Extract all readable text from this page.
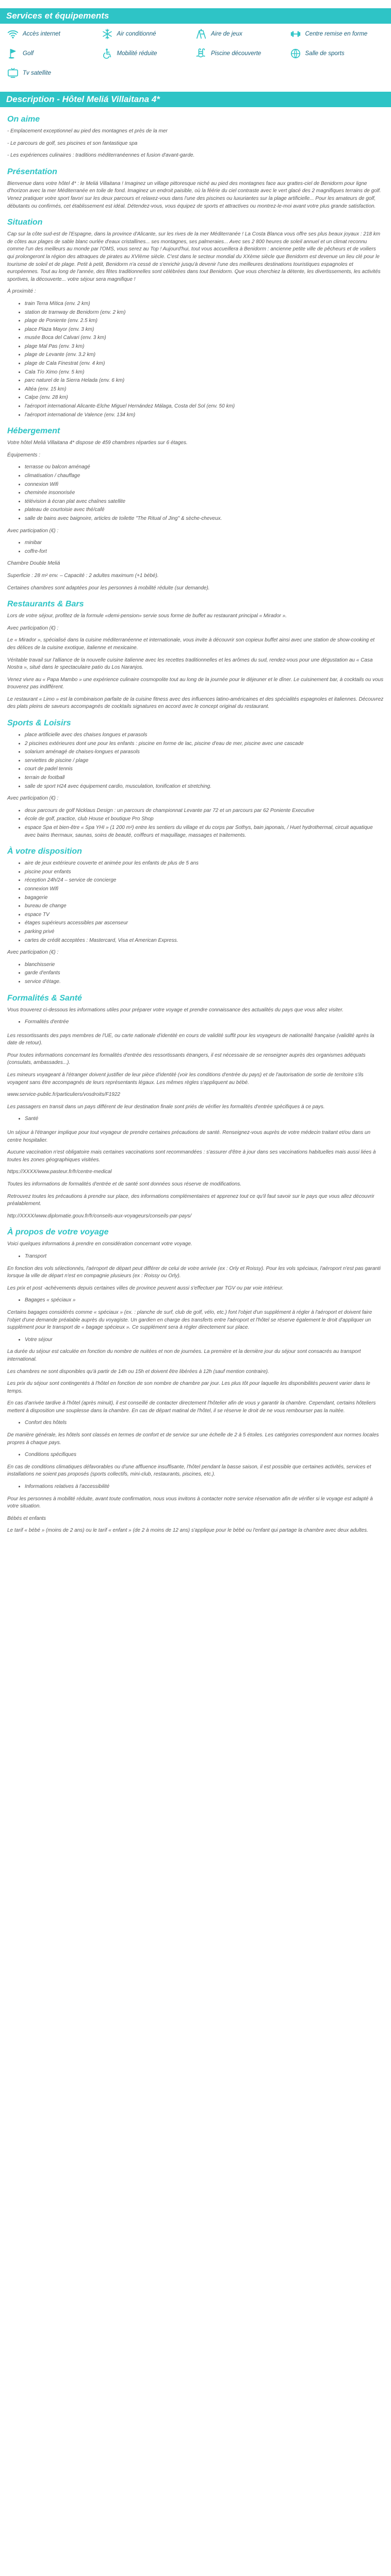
Services et équipements
Accès internet	Air conditionné	Aire de jeux	Centre remise en forme
Golf	Mobilité réduite	Piscine découverte	Salle de sports
Tv satellite
Description - Hôtel Meliá Villaitana 4*
On aime

- Emplacement exceptionnel au pied des montagnes et près de la mer

- Le parcours de golf, ses piscines et son fantastique spa

- Les expériences culinaires : traditions méditerranéennes et fusion d'avant-garde.

Présentation

Bienvenue dans votre hôtel 4* : le Meliá Villaitana ! Imaginez un village pittoresque niché au pied des montagnes face aux grattes-ciel de Benidorm pour ligne d'horizon avec la mer Méditerranée en toile de fond. Imaginez un endroit paisible, où la féérie du ciel contraste avec le vert glacé des 2 magnifiques terrains de golf. Venez pratiquer votre sport favori sur les deux parcours et relaxez-vous dans l'une des piscines ou luxuriantes sur la plage artificielle... Pour les amateurs de golf, débutants ou confirmés, cet établissement est idéal. Détendez-vous, vous équipez de sports et attractives ou montrez-le-moi avant votre plus grande satisfaction.

Situation

Cap sur la côte sud-est de l'Espagne, dans la province d'Alicante, sur les rives de la mer Méditerranée ! La Costa Blanca vous offre ses plus beaux joyaux : 218 km de côtes aux plages de sable blanc ourlée d'eaux cristallines... ses montagnes, ses palmeraies... Avec ses 2 800 heures de soleil annuel et un climat reconnu comme l'un des meilleurs au monde par l'OMS, vous serez au Top ! Aujourd'hui, tout vous accueillera à Benidorm : ancienne petite ville de pêcheurs et de voiliers qui prolongeront la région des attraques de pirates au XVIème siècle. C'est dans le secteur mondial du XXème siècle que Benidorm est devenue un lieu clé pour le tourisme de soleil et de plage. Petit à petit, Benidorm n'a cessé de s'enrichir jusqu'à devenir l'une des meilleures destinations touristiques espagnoles et européennes. Tout au long de l'année, des fêtes traditionnelles sont célébrées dans tout Benidorm. Que vous cherchiez la détente, les divertissements, les activités sportives, la découverte... votre séjour sera magnifique !

À proximité :

• train Terra Mítica (env. 2 km)
• station de tramway de Benidorm (env. 2 km)
• plage de Poniente (env. 2.5 km)
• place Plaza Mayor (env. 3 km)
• musée Boca del Calvari (env. 3 km)
• plage Mal Pas (env. 3 km)
• plage de Levante (env. 3.2 km)
• plage de Cala Finestrat (env. 4 km)
• Cala Tío Ximo (env. 5 km)
• parc naturel de la Sierra Helada (env. 6 km)
• Altéa (env. 15 km)
• Calpe (env. 28 km)
• l'aéroport international Alicante-Elche Miguel Hernández Málaga, Costa del Sol (env. 50 km)
• l'aéroport international de Valence (env. 134 km)
Hébergement

Votre hôtel Meliá Villaitana 4* dispose de 459 chambres réparties sur 6 étages.

Équipements :

• terrasse ou balcon aménagé
• climatisation / chauffage
• connexion Wifi
• cheminée insonorisée
• télévision à écran plat avec chaînes satellite
• plateau de courtoisie avec thé/café
• salle de bains avec baignoire, articles de toilette "The Ritual of Jing" & sèche-cheveux.

Avec participation (€) :

• minibar
• coffre-fort

Chambre Double Meliá

Superficie : 28 m² env. – Capacité : 2 adultes maximum (+1 bébé).

Certaines chambres sont adaptées pour les personnes à mobilité réduite (sur demande).

Restaurants & Bars

Lors de votre séjour, profitez de la formule «demi-pension» servie sous forme de buffet au restaurant principal « Mirador ».

Avec participation (€) :

Le « Mirador », spécialisé dans la cuisine méditerranéenne et internationale, vous invite à découvrir son copieux buffet ainsi avec une station de show-cooking et des délices de la cuisine exotique, italienne et mexicaine.

Véritable travail sur l'alliance de la nouvelle cuisine italienne avec les recettes traditionnelles et les arômes du sud, rendez-vous pour une dégustation au « Casa Nostra », situé dans le spectaculaire patio du Los Naranjos.

Venez vivre au « Papa Mambo » une expérience culinaire cosmopolite tout au long de la journée pour le déjeuner et le dîner. Le cuisinement bar, à cocktails ou vous trouverez pas indifférent.

Le restaurant « Limo » est la combinaison parfaite de la cuisine fitness avec des influences latino-américaines et des spécialités espagnoles et italiennes. Découvrez des plats pleins de saveurs accompagnés de cocktails signatures en accord avec le concept original du restaurant.

Sports & Loisirs
• place artificielle avec des chaises longues et parasols
• 2 piscines extérieures dont une pour les enfants : piscine en forme de lac, piscine d'eau de mer, piscine avec une cascade
• solarium aménagé de chaises-longues et parasols
• serviettes de piscine / plage
• court de padel tennis
• terrain de football
• salle de sport H24 avec équipement cardio, musculation, tonification et stretching.

Avec participation (€) :

• deux parcours de golf Nicklaus Design : un parcours de championnat Levante par 72 et un parcours par 62 Poniente Executive
• école de golf, practice, club House et boutique Pro Shop
• espace Spa et bien-être « Spa YHI » (1 200 m²) entre les sentiers du village et du corps par Sothys, bain japonais, / Huet hydrothermal, circuit aquatique avec bains thermaux, saunas, soins de beauté, coiffeurs et maquillage, massages et traitements.
À votre disposition
• aire de jeux extérieure couverte et animée pour les enfants de plus de 5 ans
• piscine pour enfants
• réception 24h/24 – service de concierge
• connexion Wifi
• bagagerie
• bureau de change
• espace TV
• étages supérieurs accessibles par ascenseur
• parking privé
• cartes de crédit acceptées : Mastercard, Visa et American Express.

Avec participation (€) :

• blanchisserie
• garde d'enfants
• service d'étage.
Formalités & Santé

Vous trouverez ci-dessous les informations utiles pour préparer votre voyage et prendre connaissance des actualités du pays que vous allez visiter.

• Formalités d'entrée

Les ressortissants des pays membres de l'UE, ou carte nationale d'identité en cours de validité suffit pour les voyageurs de nationalité française (validité après la date de retour).

Pour toutes informations concernant les formalités d'entrée des ressortissants étrangers, il est nécessaire de se renseigner auprès des organismes adéquats (consulats, ambassades...).

Les mineurs voyageant à l'étranger doivent justifier de leur pièce d'identité (voir les conditions d'entrée du pays) et de l'autorisation de sortie de territoire s'ils voyagent sans être accompagnés de leurs représentants légaux. Les mêmes règles s'appliquent au bébé.

www.service-public.fr/particuliers/vosdroits/F1922

Les passagers en transit dans un pays différent de leur destination finale sont priés de vérifier les formalités d'entrée spécifiques à ce pays.

• Santé

Un séjour à l'étranger implique pour tout voyageur de prendre certaines précautions de santé. Renseignez-vous auprès de votre médecin traitant et/ou dans un centre hospitalier.

Aucune vaccination n'est obligatoire mais certaines vaccinations sont recommandées : s'assurer d'être à jour dans ses vaccinations habituelles mais aussi liées à toutes les zones géographiques visitées.

https://XXXX/www.pasteur.fr/fr/centre-medical

Toutes les informations de formalités d'entrée et de santé sont données sous réserve de modifications.

Retrouvez toutes les précautions à prendre sur place, des informations complémentaires et apprenez tout ce qu'il faut savoir sur le pays que vous allez découvrir préalablement.

http://XXXX/www.diplomatie.gouv.fr/fr/conseils-aux-voyageurs/conseils-par-pays/

À propos de votre voyage

Voici quelques informations à prendre en considération concernant votre voyage.

• Transport

En fonction des vols sélectionnés, l'aéroport de départ peut différer de celui de votre arrivée (ex : Orly et Roissy). Pour les vols spéciaux, l'aéroport n'est pas garanti lorsque la ville de départ n'est en compagnie plusieurs (ex : Roissy ou Orly).

Les prix et post -achèvements depuis certaines villes de province peuvent aussi s'effectuer par TGV ou par voie intérieur.

• Bagages « spéciaux »

Certains bagages considérés comme « spéciaux » (ex. : planche de surf, club de golf, vélo, etc.) font l'objet d'un supplément à régler à l'aéroport et doivent faire l'objet d'une demande préalable auprès du voyagiste. Un gardien en charge des transferts entre l'aéroport et l'hôtel se réserve également le droit d'appliquer un supplément pour le transport de « bagage spécieux ». Ce supplément sera à régler directement sur place.

• Votre séjour

La durée du séjour est calculée en fonction du nombre de nuitées et non de journées. La première et la dernière jour du séjour sont consacrés au transport international.

Les chambres ne sont disponibles qu'à partir de 14h ou 15h et doivent être libérées à 12h (sauf mention contraire).

Les prix du séjour sont contingentés à l'hôtel en fonction de son nombre de chambre par jour. Les plus tôt pour laquelle les disponibilités peuvent varier dans le temps.

En cas d'arrivée tardive à l'hôtel (après minuit), il est conseillé de contacter directement l'hôtelier afin de vous y garantir la chambre. Cependant, certains hôteliers mettent à disposition une souplesse dans la chambre. En cas de départ matinal de l'hôtel, il se réserve le droit de ne vous rembourser pas la nuitée.

• Confort des hôtels

De manière générale, les hôtels sont classés en termes de confort et de service sur une échelle de 2 à 5 étoiles. Les catégories correspondent aux normes locales propres à chaque pays.

• Conditions spécifiques

En cas de conditions climatiques défavorables ou d'une affluence insuffisante, l'hôtel pendant la basse saison, il est possible que certaines activités, services et installations ne soient pas proposés (sports collectifs, mini-club, restaurants, piscines, etc.).

• Informations relatives à l'accessibilité

Pour les personnes à mobilité réduite, avant toute confirmation, nous vous invitons à contacter notre service réservation afin de vérifier si le voyage est adapté à votre situation.

Bébés et enfants

Le tarif « bébé » (moins de 2 ans) ou le tarif « enfant » (de 2 à moins de 12 ans) s'applique pour le bébé ou l'enfant qui partage la chambre avec deux adultes.
